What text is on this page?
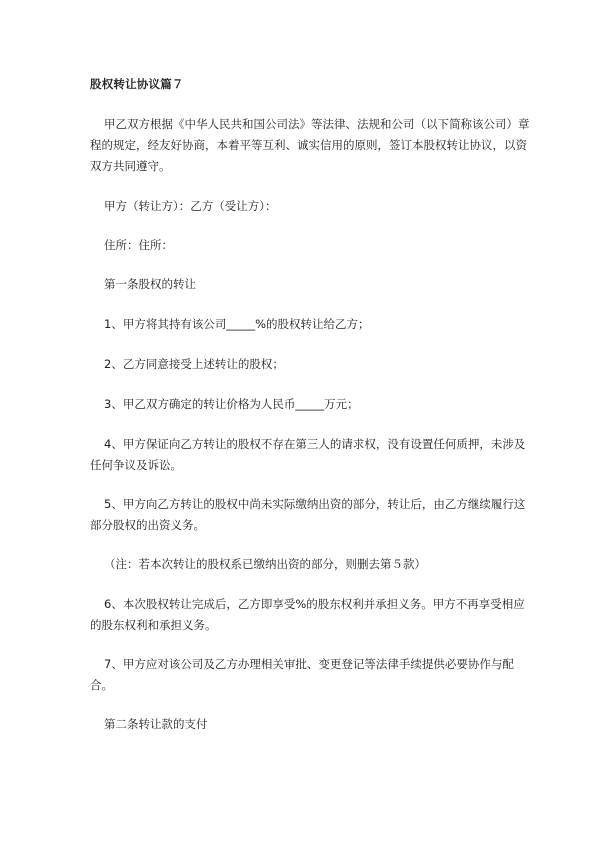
股权转让协议篇７

甲乙双方根据《中华人民共和国公司法》等法律、法规和公司（以下简称该公司）章程的规定，经友好协商，本着平等互利、诚实信用的原则，签订本股权转让协议，以资双方共同遵守。

甲方（转让方）：乙方（受让方）：

住所：住所：

第一条股权的转让

1、甲方将其持有该公司_____%的股权转让给乙方；

2、乙方同意接受上述转让的股权；

3、甲乙双方确定的转让价格为人民币_____万元；

4、甲方保证向乙方转让的股权不存在第三人的请求权，没有设置任何质押，未涉及任何争议及诉讼。

5、甲方向乙方转让的股权中尚未实际缴纳出资的部分，转让后，由乙方继续履行这部分股权的出资义务。

（注：若本次转让的股权系已缴纳出资的部分，则删去第５款）

6、本次股权转让完成后，乙方即享受%的股东权利并承担义务。甲方不再享受相应的股东权利和承担义务。

7、甲方应对该公司及乙方办理相关审批、变更登记等法律手续提供必要协作与配合。

第二条转让款的支付
